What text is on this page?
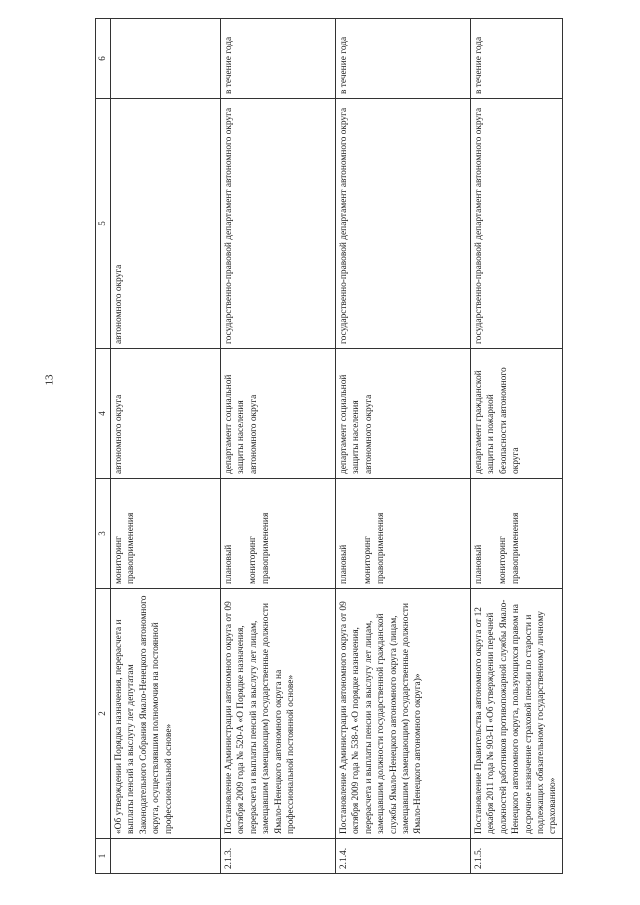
13
1	2	3	4	5	6
	«Об утверждении Порядка назначения, перерасчета и выплаты пенсий за выслугу лет депутатам Законодательного Собрания Ямало-Ненецкого автономного округа, осуществлявшим полномочия на постоянной профессиональной основе»	мониторинг правоприменения	автономного округа	автономного округа	
2.1.3.	Постановление Администрации автономного округа от 09 октября 2009 года № 520-А «О Порядке назначения, перерасчета и выплаты пенсий за выслугу лет лицам, замещавшим (замещающим) государственные должности Ямало-Ненецкого автономного округа на профессиональной постоянной основе»	плановый мониторинг правоприменения	департамент социальной защиты населения автономного округа	государственно-правовой департамент автономного округа	в течение года
2.1.4.	Постановление Администрации автономного округа от 09 октября 2009 года № 538-А «О порядке назначения, перерасчета и выплаты пенсии за выслугу лет лицам, замещавшим должности государственной гражданской службы Ямало-Ненецкого автономного округа (лицам, замещавшим (замещающим) государственные должности Ямало-Ненецкого автономного округа)»	плановый мониторинг правоприменения	департамент социальной защиты населения автономного округа	государственно-правовой департамент автономного округа	в течение года
2.1.5.	Постановление Правительства автономного округа от 12 декабря 2011 года № 903-П «Об утверждении перечней должностей работников противопожарной службы Ямало-Ненецкого автономного округа, пользующихся правом на досрочное назначение страховой пенсии по старости и подлежащих обязательному государственному личному страхованию»	плановый мониторинг правоприменения	департамент гражданской защиты и пожарной безопасности автономного округа	государственно-правовой департамент автономного округа	в течение года
